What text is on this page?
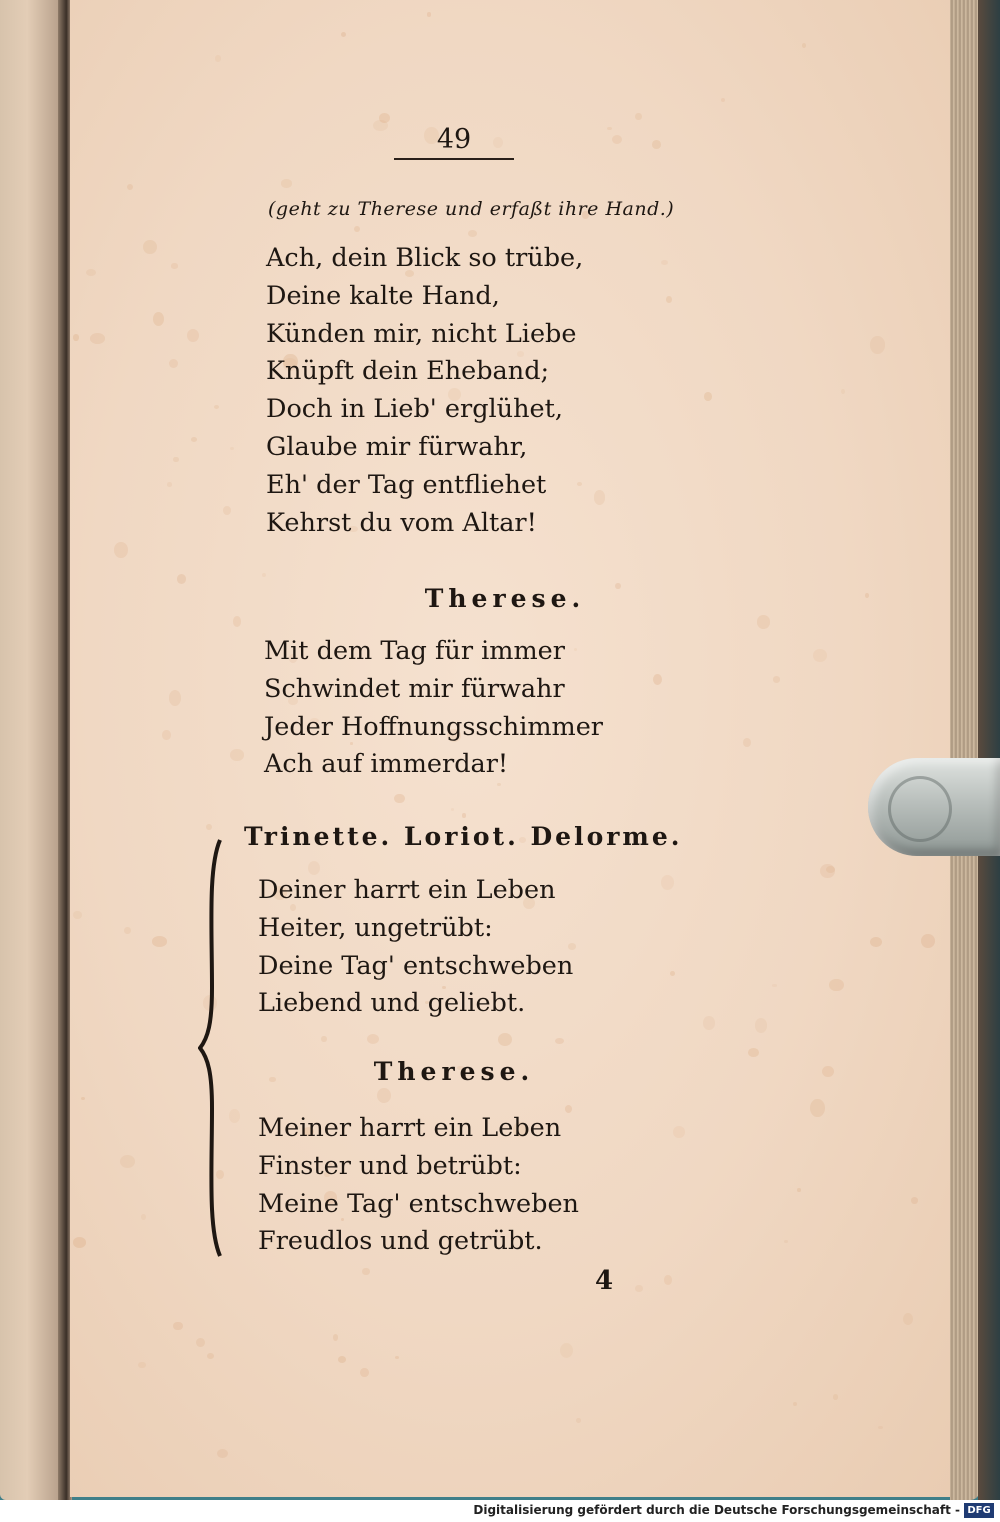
49
(geht zu Therese und erfaßt ihre Hand.)
Ach, dein Blick so trübe,
Deine kalte Hand,
Künden mir, nicht Liebe
Knüpft dein Eheband;
Doch in Lieb' erglühet,
Glaube mir fürwahr,
Eh' der Tag entfliehet
Kehrst du vom Altar!
Therese.
Mit dem Tag für immer
Schwindet mir fürwahr
Jeder Hoffnungsschimmer
Ach auf immerdar!
Trinette. Loriot. Delorme.
Deiner harrt ein Leben
Heiter, ungetrübt:
Deine Tag' entschweben
Liebend und geliebt.
Therese.
Meiner harrt ein Leben
Finster und betrübt:
Meine Tag' entschweben
Freudlos und getrübt.
4
Digitalisierung gefördert durch die Deutsche Forschungsgemeinschaft - DFG
